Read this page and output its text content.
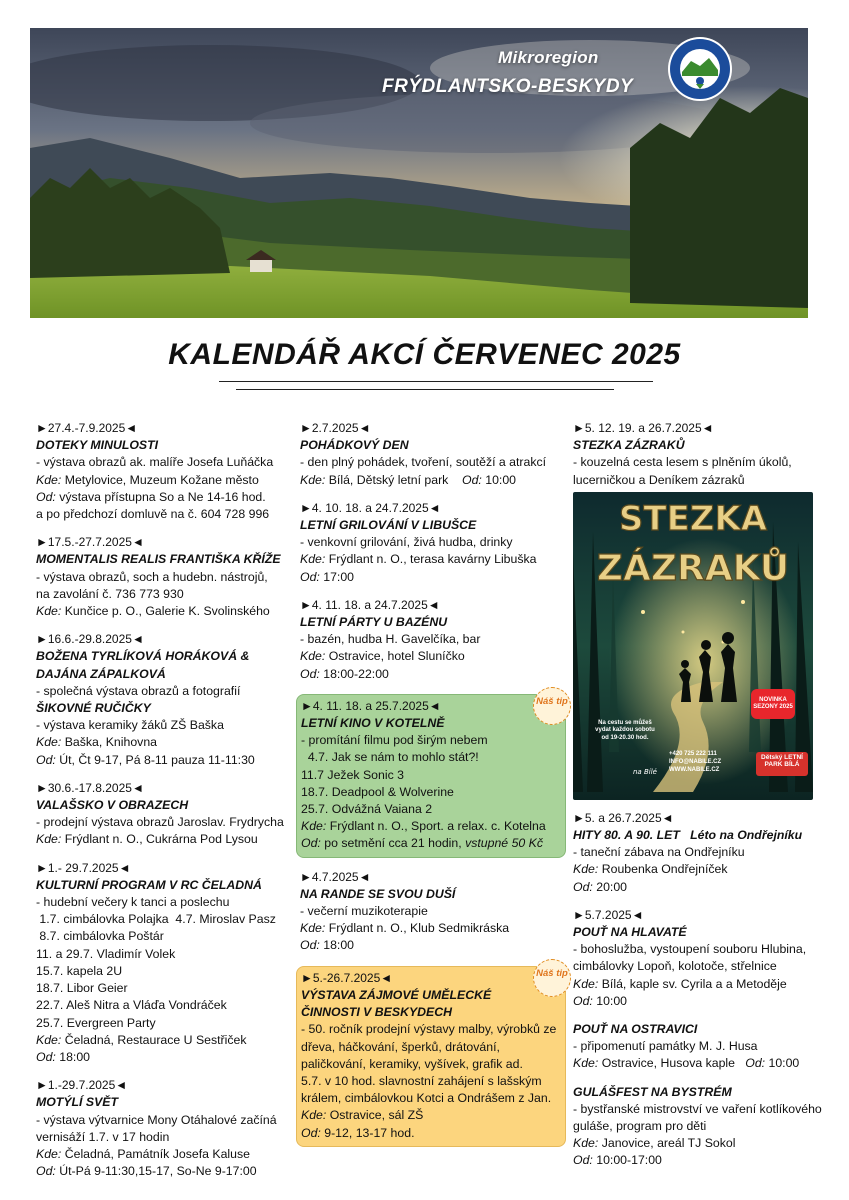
Mikroregion
FRÝDLANTSKO-BESKYDY
KALENDÁŘ AKCÍ ČERVENEC 2025
►27.4.-7.9.2025◄
DOTEKY MINULOSTI
- výstava obrazů ak. malíře Josefa Luňáčka
Kde: Metylovice, Muzeum Kožane město
Od: výstava přístupna So a Ne 14-16 hod.
a po předchozí domluvě na č. 604 728 996
►17.5.-27.7.2025◄
MOMENTALIS REALIS FRANTIŠKA KŘÍŽE
- výstava obrazů, soch a hudebn. nástrojů,
na zavolání č. 736 773 930
Kde: Kunčice p. O., Galerie K. Svolinského
►16.6.-29.8.2025◄
BOŽENA TYRLÍKOVÁ HORÁKOVÁ & DAJÁNA ZÁPALKOVÁ
- společná výstava obrazů a fotografií
ŠIKOVNÉ RUČIČKY
- výstava keramiky žáků ZŠ Baška
Kde: Baška, Knihovna
Od: Út, Čt 9-17, Pá 8-11 pauza 11-11:30
►30.6.-17.8.2025◄
VALAŠSKO V OBRAZECH
- prodejní výstava obrazů Jaroslav. Frydrycha
Kde: Frýdlant n. O., Cukrárna Pod Lysou
►1.- 29.7.2025◄
KULTURNÍ PROGRAM V RC ČELADNÁ
- hudební večery k tanci a poslechu
1.7. cimbálovka Polajka  4.7. Miroslav Pasz
8.7. cimbálovka Poštár
11. a 29.7. Vladimír Volek
15.7. kapela 2U
18.7. Libor Geier
22.7. Aleš Nitra a Vláďa Vondráček
25.7. Evergreen Party
Kde: Čeladná, Restaurace U Sestřiček
Od: 18:00
►1.-29.7.2025◄
MOTÝLÍ SVĚT
- výstava výtvarnice Mony Otáhalové začíná
vernisáží 1.7. v 17 hodin
Kde: Čeladná, Památník Josefa Kaluse
Od: Út-Pá 9-11:30,15-17, So-Ne 9-17:00
►2.7.2025◄
POHÁDKOVÝ DEN
- den plný pohádek, tvoření, soutěží a atrakcí
Kde: Bílá, Dětský letní park Od: 10:00
►4. 10. 18. a 24.7.2025◄
LETNÍ GRILOVÁNÍ V LIBUŠCE
- venkovní grilování, živá hudba, drinky
Kde: Frýdlant n. O., terasa kavárny Libuška
Od: 17:00
►4. 11. 18. a 24.7.2025◄
LETNÍ PÁRTY U BAZÉNU
- bazén, hudba H. Gavelčíka, bar
Kde: Ostravice, hotel Sluníčko
Od: 18:00-22:00
Náš tip
►4. 11. 18. a 25.7.2025◄
LETNÍ KINO V KOTELNĚ
- promítání filmu pod širým nebem
4.7. Jak se nám to mohlo stát?!
11.7 Ježek Sonic 3
18.7. Deadpool & Wolverine
25.7. Odvážná Vaiana 2
Kde: Frýdlant n. O., Sport. a relax. c. Kotelna
Od: po setmění cca 21 hodin, vstupné 50 Kč
►4.7.2025◄
NA RANDE SE SVOU DUŠÍ
- večerní muzikoterapie
Kde: Frýdlant n. O., Klub Sedmikráska
Od: 18:00
Náš tip
►5.-26.7.2025◄
VÝSTAVA ZÁJMOVÉ UMĚLECKÉ ČINNOSTI V BESKYDECH
- 50. ročník prodejní výstavy malby, výrobků ze dřeva, háčkování, šperků, drátování, paličkování, keramiky, vyšívek, grafik ad.
5.7. v 10 hod. slavnostní zahájení s lašským králem, cimbálovkou Kotci a Ondrášem z Jan.
Kde: Ostravice, sál ZŠ
Od: 9-12, 13-17 hod.
►5. 12. 19. a 26.7.2025◄
STEZKA ZÁZRAKŮ
- kouzelná cesta lesem s plněním úkolů, lucerničkou a Deníkem zázraků
STEZKA
ZÁZRAKŮ
na Bílé
Na cestu se můžeš vydat každou sobotu od 19-20.30 hod.
+420 725 222 111
INFO@NABILE.CZ
WWW.NABILE.CZ
NOVINKA SEZONY 2025
Dětský LETNÍ PARK BÍLÁ
►5. a 26.7.2025◄
HITY 80. A 90. LET Léto na Ondřejníku
- taneční zábava na Ondřejníku
Kde: Roubenka Ondřejníček
Od: 20:00
►5.7.2025◄
POUŤ NA HLAVATÉ
- bohoslužba, vystoupení souboru Hlubina, cimbálovky Lopoň, kolotoče, střelnice
Kde: Bílá, kaple sv. Cyrila a a Metoděje
Od: 10:00
POUŤ NA OSTRAVICI
- připomenutí památky M. J. Husa
Kde: Ostravice, Husova kaple Od: 10:00
GULÁŠFEST NA BYSTRÉM
- bystřanské mistrovství ve vaření kotlíkového guláše, program pro děti
Kde: Janovice, areál TJ Sokol
Od: 10:00-17:00
